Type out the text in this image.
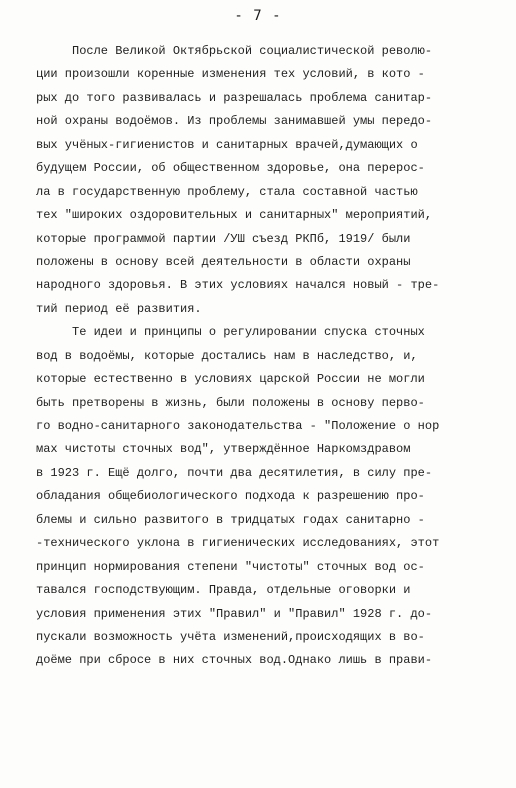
- 7 -
После Великой Октябрьской социалистической револю-
ции произошли коренные изменения тех условий, в кото -
рых до того развивалась и разрешалась проблема санитар-
ной охраны водоёмов. Из проблемы занимавшей умы передо-
вых учёных-гигиенистов и санитарных врачей,думающих о
будущем России, об общественном здоровье, она перерос-
ла в государственную проблему, стала составной частью
тех "широких оздоровительных и санитарных" мероприятий,
которые программой партии /УШ съезд РКПб, 1919/ были
положены в основу всей деятельности в области охраны
народного здоровья. В этих условиях начался новый - тре-
тий период её развития.
Те идеи и принципы о регулировании спуска сточных
вод в водоёмы, которые достались нам в наследство, и,
которые естественно в условиях царской России не могли
быть претворены в жизнь, были положены в основу перво-
го водно-санитарного законодательства - "Положение о нор
мах чистоты сточных вод", утверждённое Наркомздравом
в 1923 г. Ещё долго, почти два десятилетия, в силу пре-
обладания общебиологического подхода к разрешению про-
блемы и сильно развитого в тридцатых годах санитарно -
-технического уклона в гигиенических исследованиях, этот
принцип нормирования степени "чистоты" сточных вод ос-
тавался господствующим. Правда, отдельные оговорки и
условия применения этих "Правил" и "Правил" 1928 г. до-
пускали возможность учёта изменений,происходящих в во-
доёме при сбросе в них сточных вод.Однако лишь в прави-
